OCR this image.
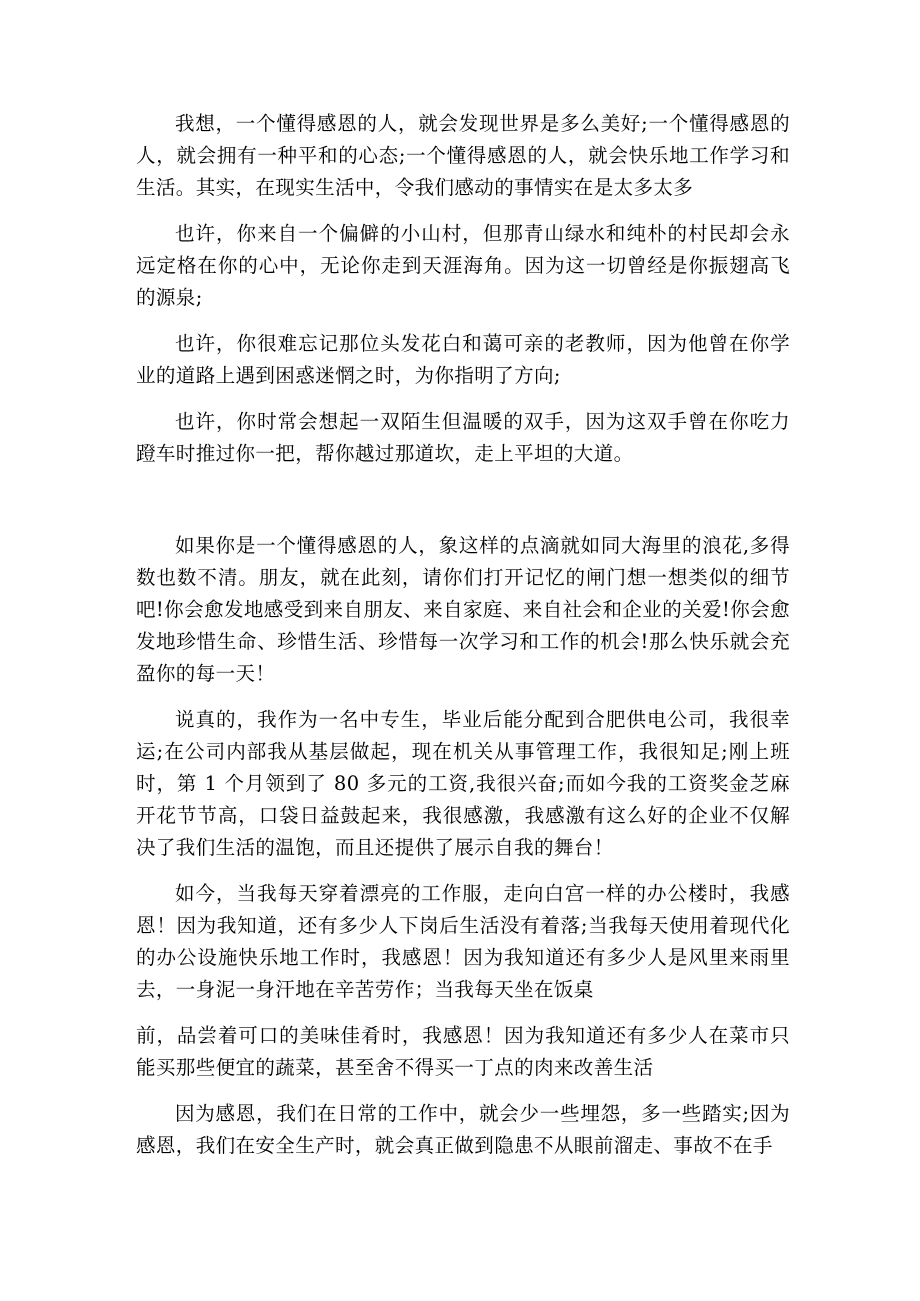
我想，一个懂得感恩的人，就会发现世界是多么美好;一个懂得感恩的人，就会拥有一种平和的心态;一个懂得感恩的人，就会快乐地工作学习和生活。其实，在现实生活中，令我们感动的事情实在是太多太多

也许，你来自一个偏僻的小山村，但那青山绿水和纯朴的村民却会永远定格在你的心中，无论你走到天涯海角。因为这一切曾经是你振翅高飞的源泉;

也许，你很难忘记那位头发花白和蔼可亲的老教师，因为他曾在你学业的道路上遇到困惑迷惘之时，为你指明了方向;

也许，你时常会想起一双陌生但温暖的双手，因为这双手曾在你吃力蹬车时推过你一把，帮你越过那道坎，走上平坦的大道。

如果你是一个懂得感恩的人，象这样的点滴就如同大海里的浪花,多得数也数不清。朋友，就在此刻，请你们打开记忆的闸门想一想类似的细节吧!你会愈发地感受到来自朋友、来自家庭、来自社会和企业的关爱!你会愈发地珍惜生命、珍惜生活、珍惜每一次学习和工作的机会!那么快乐就会充盈你的每一天！

说真的，我作为一名中专生，毕业后能分配到合肥供电公司，我很幸运;在公司内部我从基层做起，现在机关从事管理工作，我很知足;刚上班时，第 1 个月领到了 80 多元的工资,我很兴奋;而如今我的工资奖金芝麻开花节节高，口袋日益鼓起来，我很感激，我感激有这么好的企业不仅解决了我们生活的温饱，而且还提供了展示自我的舞台！

如今，当我每天穿着漂亮的工作服，走向白宫一样的办公楼时，我感恩！因为我知道，还有多少人下岗后生活没有着落;当我每天使用着现代化的办公设施快乐地工作时，我感恩！因为我知道还有多少人是风里来雨里去，一身泥一身汗地在辛苦劳作；当我每天坐在饭桌

前，品尝着可口的美味佳肴时，我感恩！因为我知道还有多少人在菜市只能买那些便宜的蔬菜，甚至舍不得买一丁点的肉来改善生活

因为感恩，我们在日常的工作中，就会少一些埋怨，多一些踏实;因为感恩，我们在安全生产时，就会真正做到隐患不从眼前溜走、事故不在手
